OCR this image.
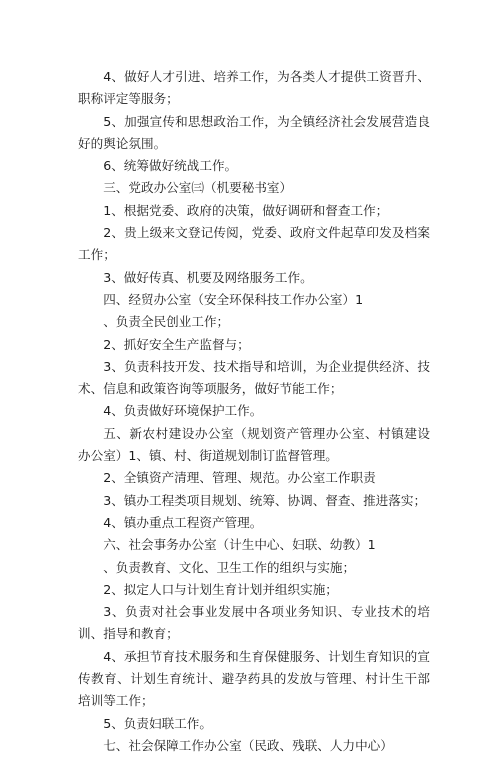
4、做好人才引进、培养工作，为各类人才提供工资晋升、职称评定等服务；

5、加强宣传和思想政治工作，为全镇经济社会发展营造良好的舆论氛围。

6、统筹做好统战工作。

三、党政办公室㈢（机要秘书室）

1、根据党委、政府的决策，做好调研和督查工作；

2、贵上级来文登记传阅，党委、政府文件起草印发及档案工作；

3、做好传真、机要及网络服务工作。

四、经贸办公室（安全环保科技工作办公室）1

、负责全民创业工作；

2、抓好安全生产监督与；

3、负责科技开发、技术指导和培训，为企业提供经济、技术、信息和政策咨询等项服务，做好节能工作；

4、负责做好环境保护工作。

五、新农村建设办公室（规划资产管理办公室、村镇建设办公室）1、镇、村、街道规划制订监督管理。

2、全镇资产清理、管理、规范。办公室工作职责

3、镇办工程类项目规划、统筹、协调、督查、推进落实；

4、镇办重点工程资产管理。

六、社会事务办公室（计生中心、妇联、幼教）1

、负责教育、文化、卫生工作的组织与实施；

2、拟定人口与计划生育计划并组织实施；

3、负责对社会事业发展中各项业务知识、专业技术的培训、指导和教育；

4、承担节育技术服务和生育保健服务、计划生育知识的宣传教育、计划生育统计、避孕药具的发放与管理、村计生干部培训等工作；

5、负责妇联工作。

七、社会保障工作办公室（民政、残联、人力中心）
